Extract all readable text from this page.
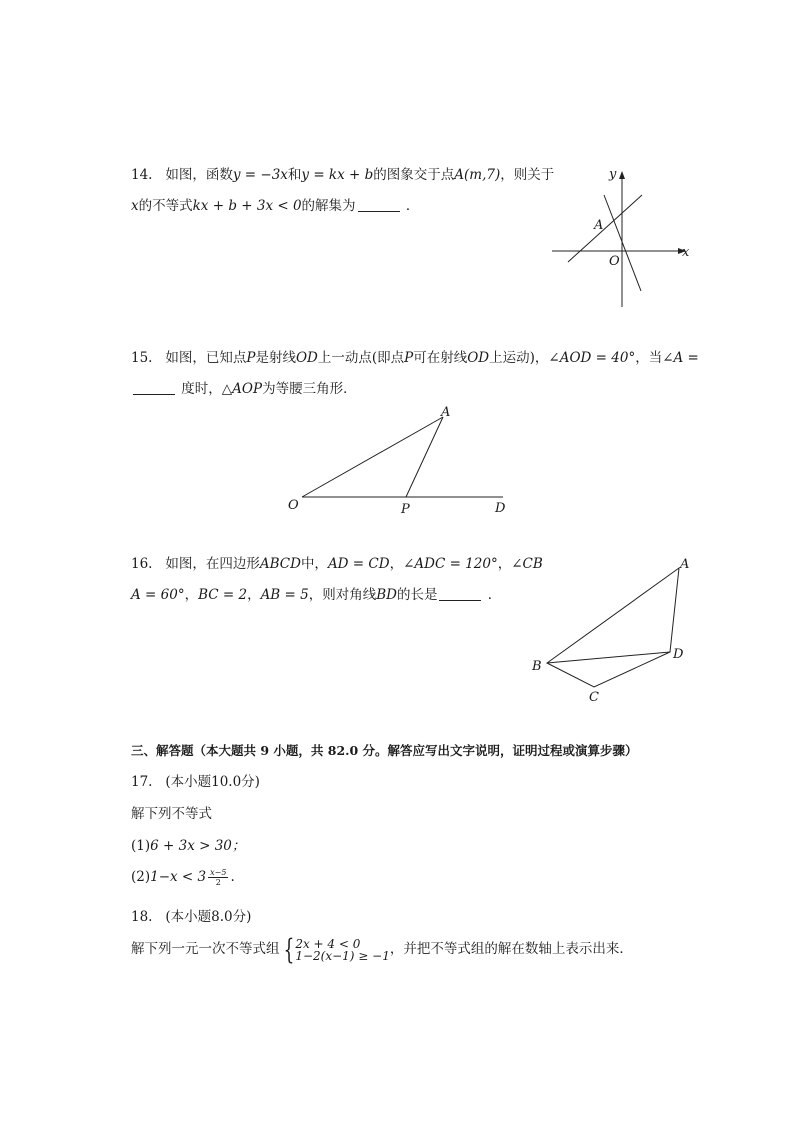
14. 如图，函数y = −3x和y = kx + b的图象交于点A(m,7)，则关于
x的不等式kx + b + 3x < 0的解集为	．
y
x
A
O
15. 如图，已知点P是射线OD上一动点(即点P可在射线OD上运动)，∠AOD = 40°，当∠A =
度时，△AOP为等腰三角形．
A
O	P	D
16. 如图，在四边形ABCD中，AD = CD，∠ADC = 120°，∠CB
A = 60°，BC = 2，AB = 5，则对角线BD的长是	．
A
B
D
C
三、解答题（本大题共 9 小题，共 82.0 分。解答应写出文字说明，证明过程或演算步骤）
17. (本小题10.0分)
解下列不等式
(1)6 + 3x > 30；
$(2)1-x < 3 \frac{x-5}{2}$ .
18. (本小题8.0分)
解下列一元一次不等式组 { 2x + 4 < 0
1−2(x−1) ≥ −1 ，并把不等式组的解在数轴上表示出来．
